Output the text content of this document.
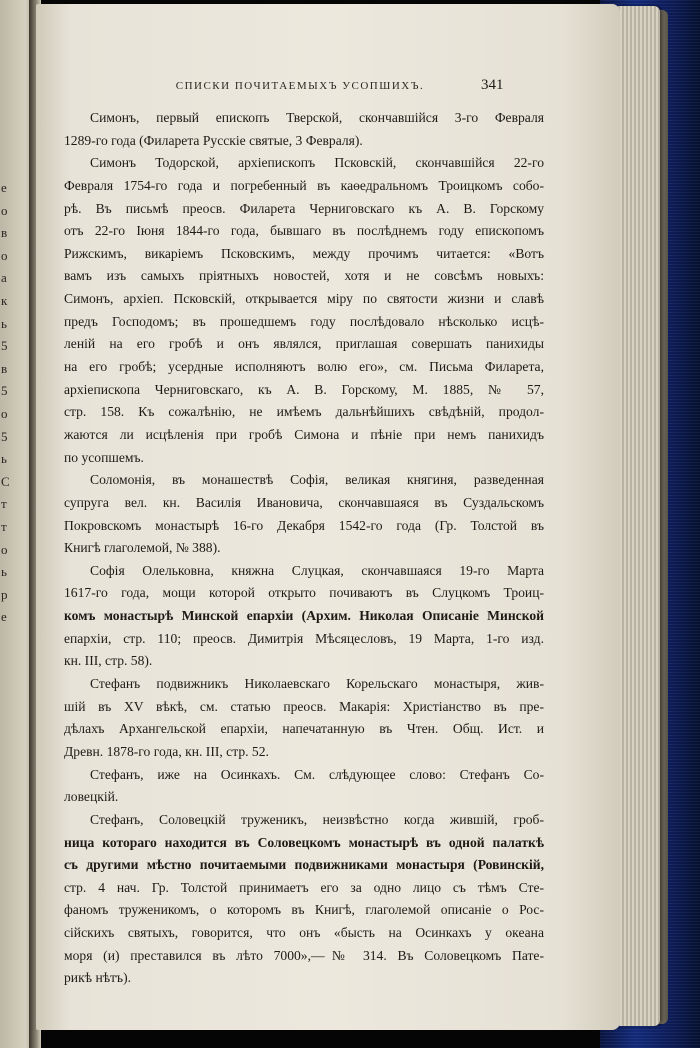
е
о
в
о
а
к
ь
5
в
5
о
5
ь
С
т
т
о
ь
р
е
СПИСКИ ПОЧИТАЕМЫХЪ УСОПШИХЪ.	341
Симонъ, первый епископъ Тверской, скончавшійся 3-го Февраля
1289-го года (Филарета Русскіе святые, 3 Февраля).
Симонъ Тодорской, архіепископъ Псковскій, скончавшійся 22-го
Февраля 1754-го года и погребенный въ каѳедральномъ Троицкомъ собо-
рѣ. Въ письмѣ преосв. Филарета Черниговскаго къ А. В. Горскому
отъ 22-го Іюня 1844-го года, бывшаго въ послѣднемъ году епископомъ
Рижскимъ, викаріемъ Псковскимъ, между прочимъ читается: «Вотъ
вамъ изъ самыхъ пріятныхъ новостей, хотя и не совсѣмъ новыхъ:
Симонъ, архіеп. Псковскій, открывается міру по святости жизни и славѣ
предъ Господомъ; въ прошедшемъ году послѣдовало нѣсколько исцѣ-
леній на его гробѣ и онъ являлся, приглашая совершать панихиды
на его гробѣ; усердные исполняютъ волю его», см. Письма Филарета,
архіепископа Черниговскаго, къ А. В. Горскому, М. 1885, № 57,
стр. 158. Къ сожалѣнію, не имѣемъ дальнѣйшихъ свѣдѣній, продол-
жаются ли исцѣленія при гробѣ Симона и пѣніе при немъ панихидъ
по усопшемъ.
Соломонія, въ монашествѣ Софія, великая княгиня, разведенная
супруга вел. кн. Василія Ивановича, скончавшаяся въ Суздальскомъ
Покровскомъ монастырѣ 16-го Декабря 1542-го года (Гр. Толстой въ
Книгѣ глаголемой, № 388).
Софія Олельковна, княжна Слуцкая, скончавшаяся 19-го Марта
1617-го года, мощи которой открыто почиваютъ въ Слуцкомъ Троиц-
комъ монастырѣ Минской епархіи (Архим. Николая Описаніе Минской
епархіи, стр. 110; преосв. Димитрія Мѣсяцесловъ, 19 Марта, 1-го изд.
кн. III, стр. 58).
Стефанъ подвижникъ Николаевскаго Корельскаго монастыря, жив-
шій въ XV вѣкѣ, см. статью преосв. Макарія: Христіанство въ пре-
дѣлахъ Архангельской епархіи, напечатанную въ Чтен. Общ. Ист. и
Древн. 1878-го года, кн. III, стр. 52.
Стефанъ, иже на Осинкахъ. См. слѣдующее слово: Стефанъ Со-
ловецкій.
Стефанъ, Соловецкій труженикъ, неизвѣстно когда жившій, гроб-
ница котораго находится въ Соловецкомъ монастырѣ въ одной палаткѣ
съ другими мѣстно почитаемыми подвижниками монастыря (Ровинскій,
стр. 4 нач. Гр. Толстой принимаетъ его за одно лицо съ тѣмъ Сте-
фаномъ труженикомъ, о которомъ въ Книгѣ, глаголемой описаніе о Рос-
сійскихъ святыхъ, говорится, что онъ «бысть на Осинкахъ у океана
моря (и) преставился въ лѣто 7000»,—№ 314. Въ Соловецкомъ Пате-
рикѣ нѣтъ).
